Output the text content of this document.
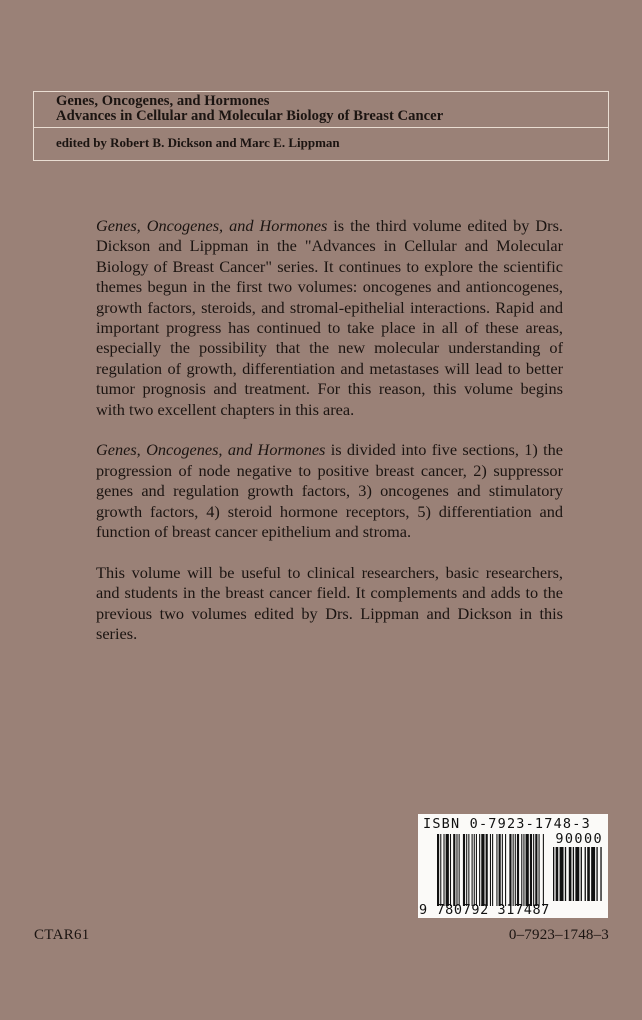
Genes, Oncogenes, and Hormones
Advances in Cellular and Molecular Biology of Breast Cancer
edited by Robert B. Dickson and Marc E. Lippman

Genes, Oncogenes, and Hormones is the third volume edited by Drs. Dickson and Lippman in the "Advances in Cellular and Molecular Biology of Breast Cancer" series. It continues to explore the scientific themes begun in the first two volumes: oncogenes and antioncogenes, growth factors, steroids, and stromal-epithelial interactions. Rapid and important progress has continued to take place in all of these areas, especially the possibility that the new molecular understanding of regulation of growth, differentiation and metastases will lead to better tumor prognosis and treatment. For this reason, this volume begins with two excellent chapters in this area.

Genes, Oncogenes, and Hormones is divided into five sections, 1) the progression of node negative to positive breast cancer, 2) suppressor genes and regulation growth factors, 3) oncogenes and stimulatory growth factors, 4) steroid hormone receptors, 5) differentiation and function of breast cancer epithelium and stroma.

This volume will be useful to clinical researchers, basic researchers, and students in the breast cancer field. It complements and adds to the previous two volumes edited by Drs. Lippman and Dickson in this series.

ISBN 0-7923-1748-3
90000
9 780792 317487
CTAR61	0–7923–1748–3
